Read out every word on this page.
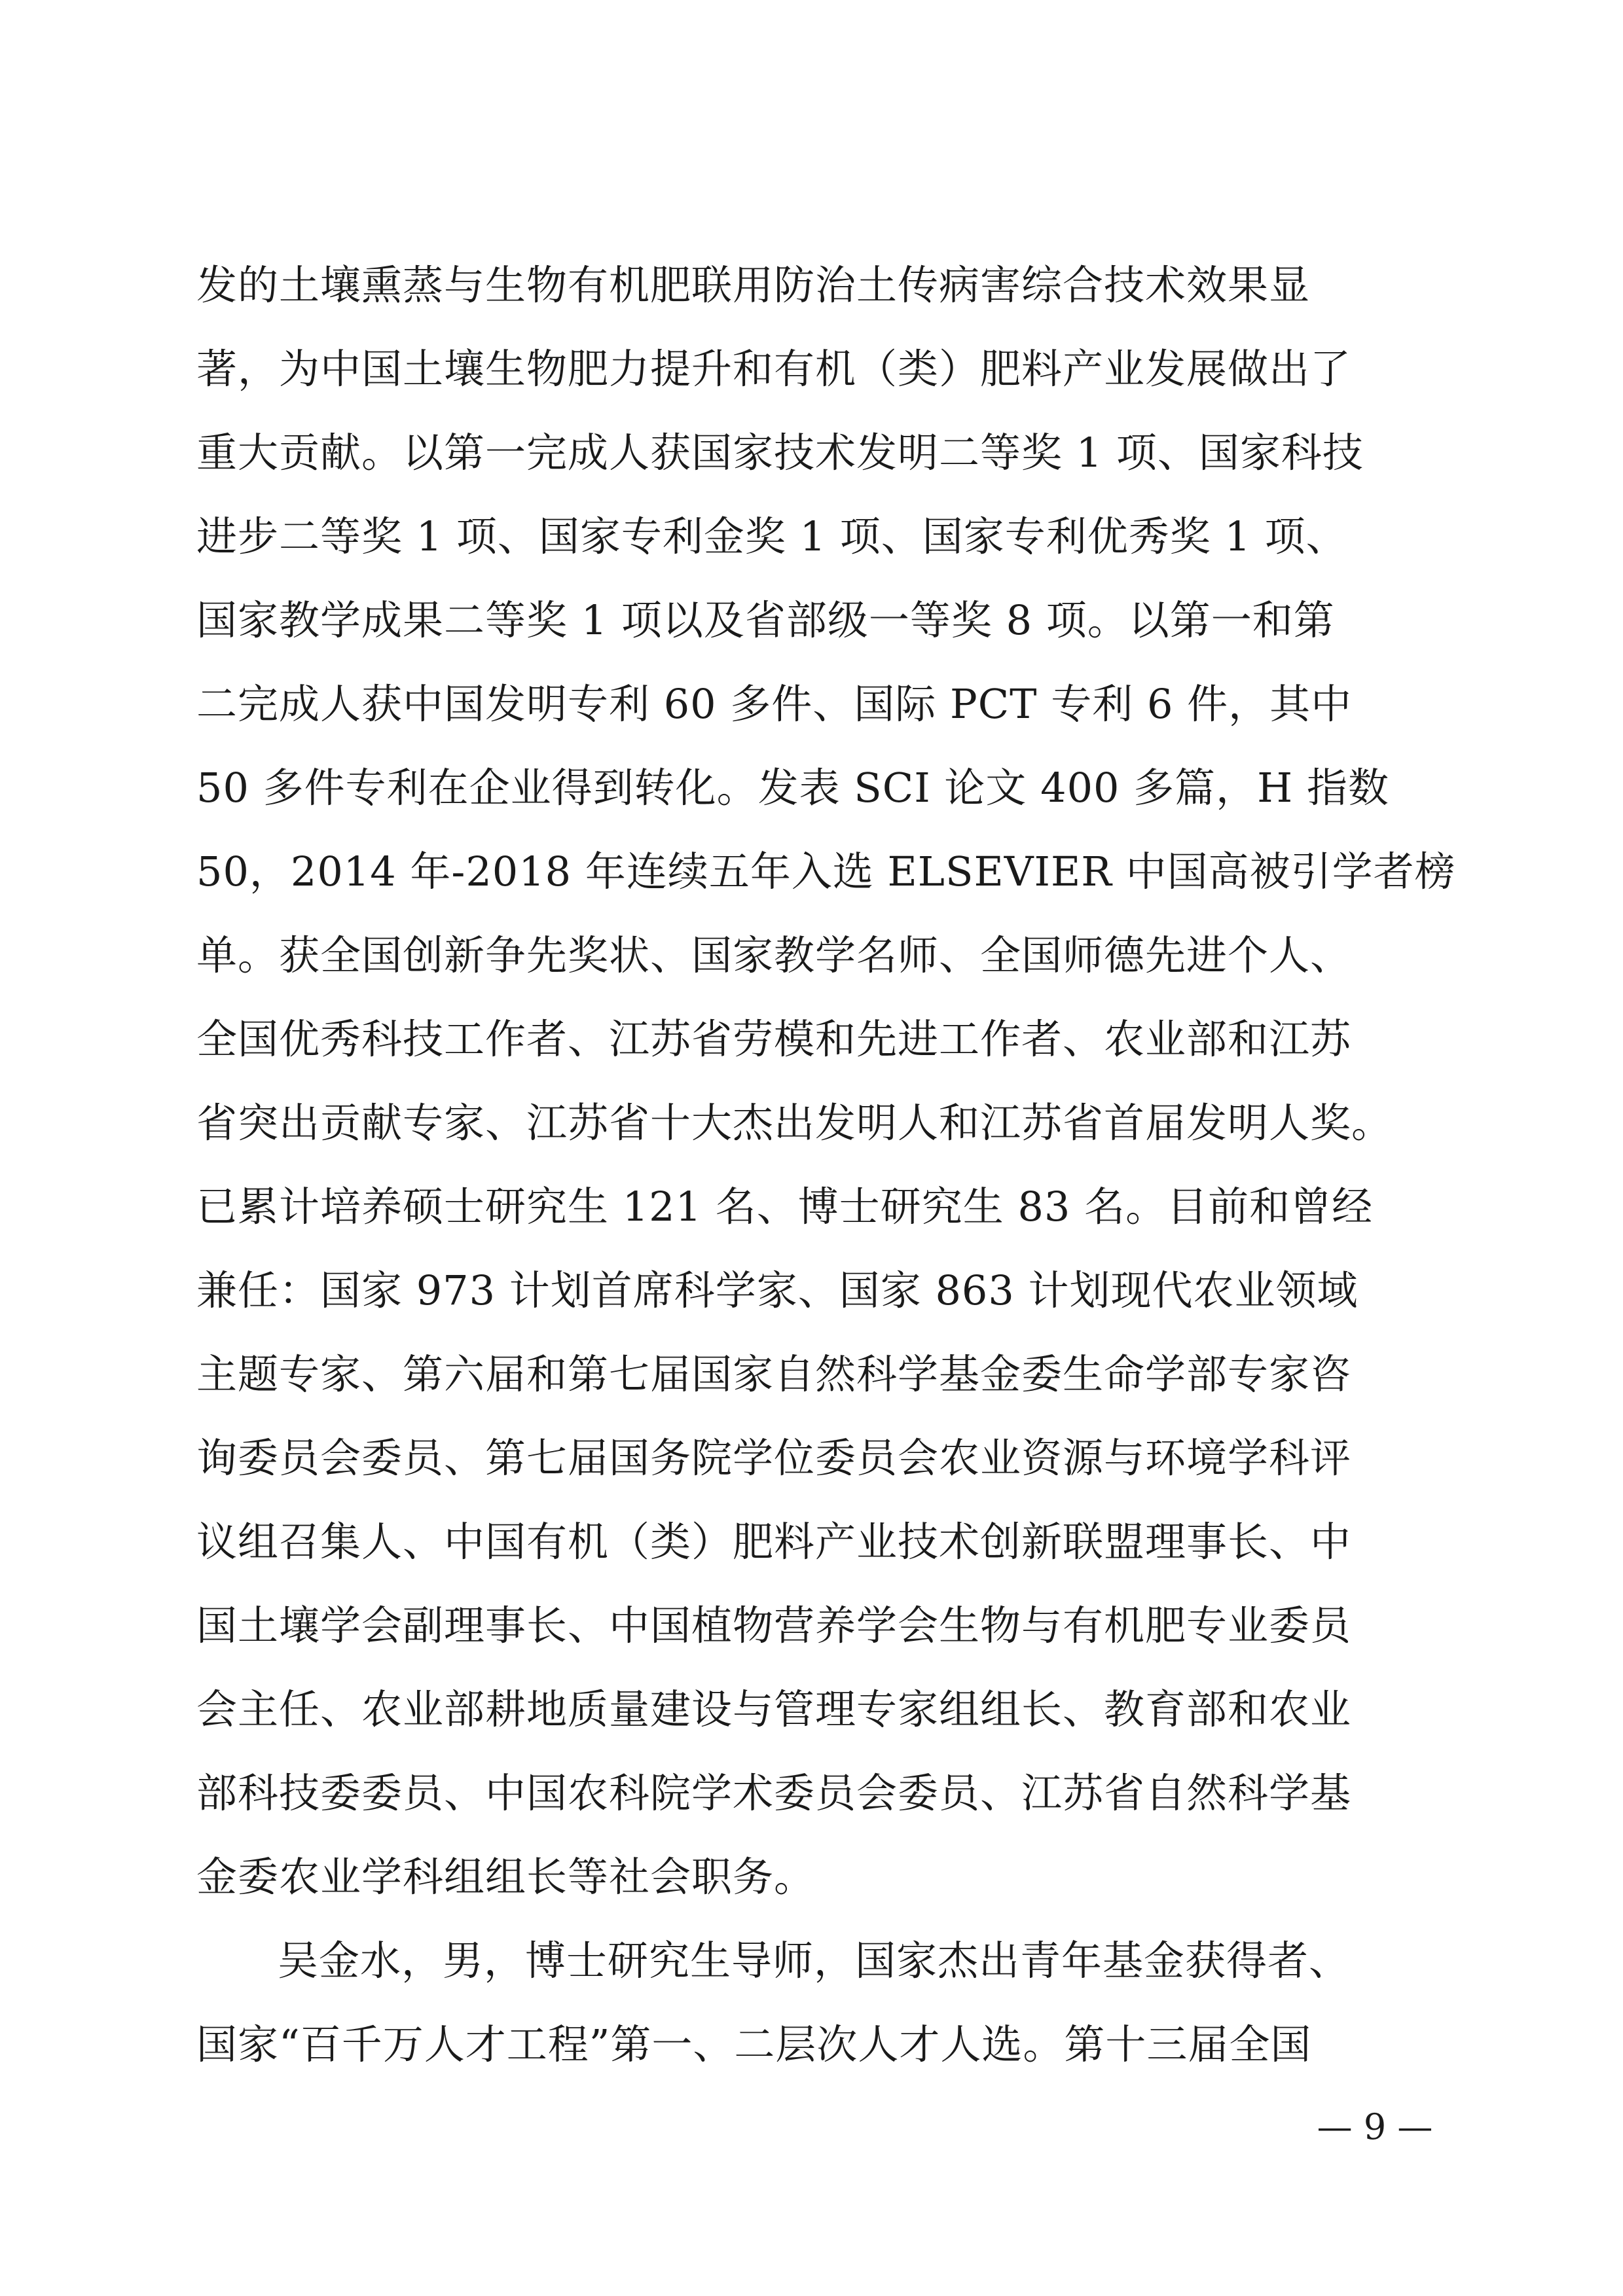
发的土壤熏蒸与生物有机肥联用防治土传病害综合技术效果显
著，为中国土壤生物肥力提升和有机（类）肥料产业发展做出了
重大贡献。以第一完成人获国家技术发明二等奖 1 项、国家科技
进步二等奖 1 项、国家专利金奖 1 项、国家专利优秀奖 1 项、
国家教学成果二等奖 1 项以及省部级一等奖 8 项。以第一和第
二完成人获中国发明专利 60 多件、国际 PCT 专利 6 件，其中
50 多件专利在企业得到转化。发表 SCI 论文 400 多篇，H 指数
50，2014 年-2018 年连续五年入选 ELSEVIER 中国高被引学者榜
单。获全国创新争先奖状、国家教学名师、全国师德先进个人、
全国优秀科技工作者、江苏省劳模和先进工作者、农业部和江苏
省突出贡献专家、江苏省十大杰出发明人和江苏省首届发明人奖。
已累计培养硕士研究生 121 名、博士研究生 83 名。目前和曾经
兼任：国家 973 计划首席科学家、国家 863 计划现代农业领域
主题专家、第六届和第七届国家自然科学基金委生命学部专家咨
询委员会委员、第七届国务院学位委员会农业资源与环境学科评
议组召集人、中国有机（类）肥料产业技术创新联盟理事长、中
国土壤学会副理事长、中国植物营养学会生物与有机肥专业委员
会主任、农业部耕地质量建设与管理专家组组长、教育部和农业
部科技委委员、中国农科院学术委员会委员、江苏省自然科学基
金委农业学科组组长等社会职务。
吴金水，男，博士研究生导师，国家杰出青年基金获得者、
国家“百千万人才工程”第一、二层次人才人选。第十三届全国
— 9 —
